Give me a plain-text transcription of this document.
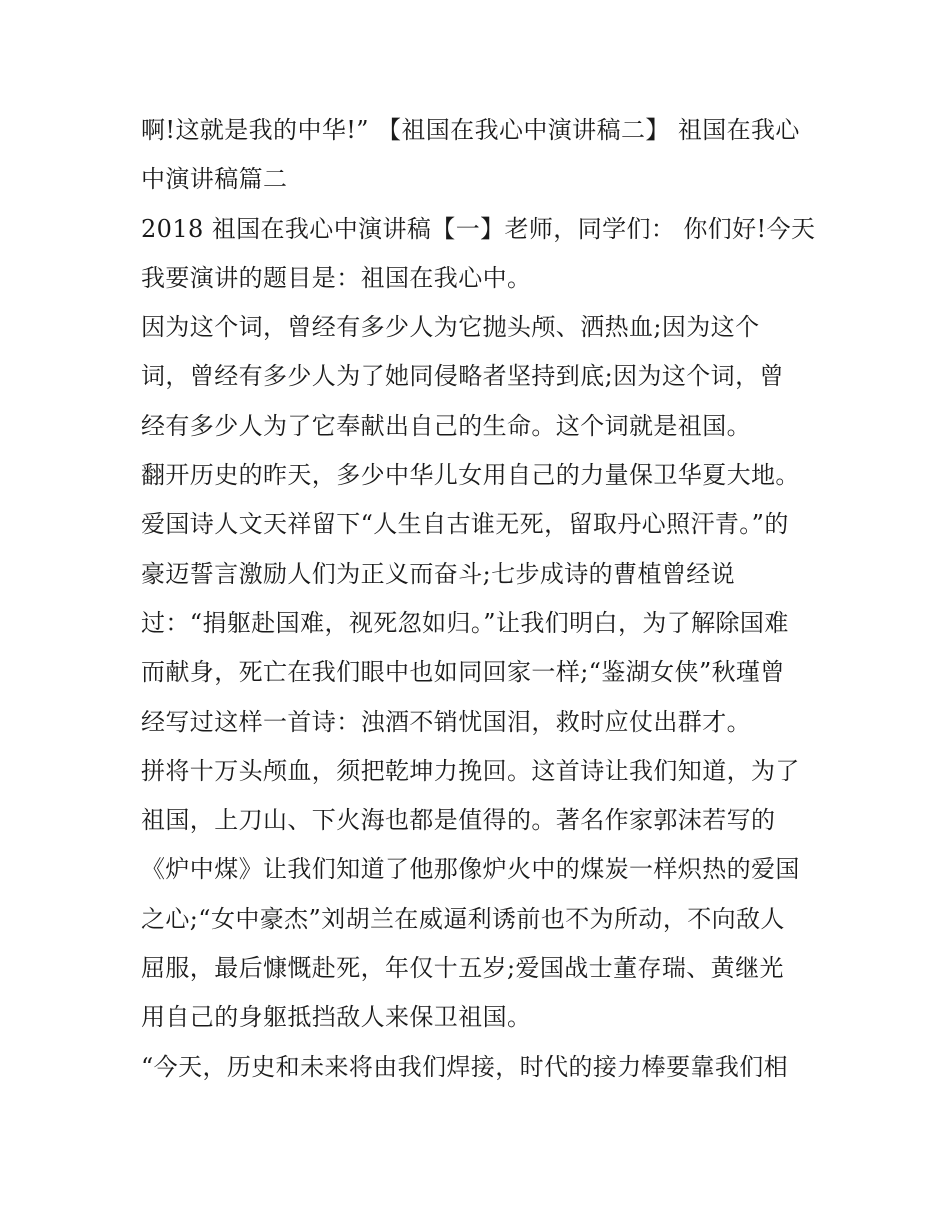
啊!这就是我的中华!” 【祖国在我心中演讲稿二】 祖国在我心
中演讲稿篇二
2018 祖国在我心中演讲稿【一】老师，同学们： 你们好!今天
我要演讲的题目是：祖国在我心中。
因为这个词，曾经有多少人为它抛头颅、洒热血;因为这个
词，曾经有多少人为了她同侵略者坚持到底;因为这个词，曾
经有多少人为了它奉献出自己的生命。这个词就是祖国。
翻开历史的昨天，多少中华儿女用自己的力量保卫华夏大地。
爱国诗人文天祥留下“人生自古谁无死，留取丹心照汗青。”的
豪迈誓言激励人们为正义而奋斗;七步成诗的曹植曾经说
过：“捐躯赴国难，视死忽如归。”让我们明白，为了解除国难
而献身，死亡在我们眼中也如同回家一样;“鉴湖女侠”秋瑾曾
经写过这样一首诗：浊酒不销忧国泪，救时应仗出群才。
拼将十万头颅血，须把乾坤力挽回。这首诗让我们知道，为了
祖国，上刀山、下火海也都是值得的。著名作家郭沫若写的
《炉中煤》让我们知道了他那像炉火中的煤炭一样炽热的爱国
之心;“女中豪杰”刘胡兰在威逼利诱前也不为所动，不向敌人
屈服，最后慷慨赴死，年仅十五岁;爱国战士董存瑞、黄继光
用自己的身躯抵挡敌人来保卫祖国。
“今天，历史和未来将由我们焊接，时代的接力棒要靠我们相
